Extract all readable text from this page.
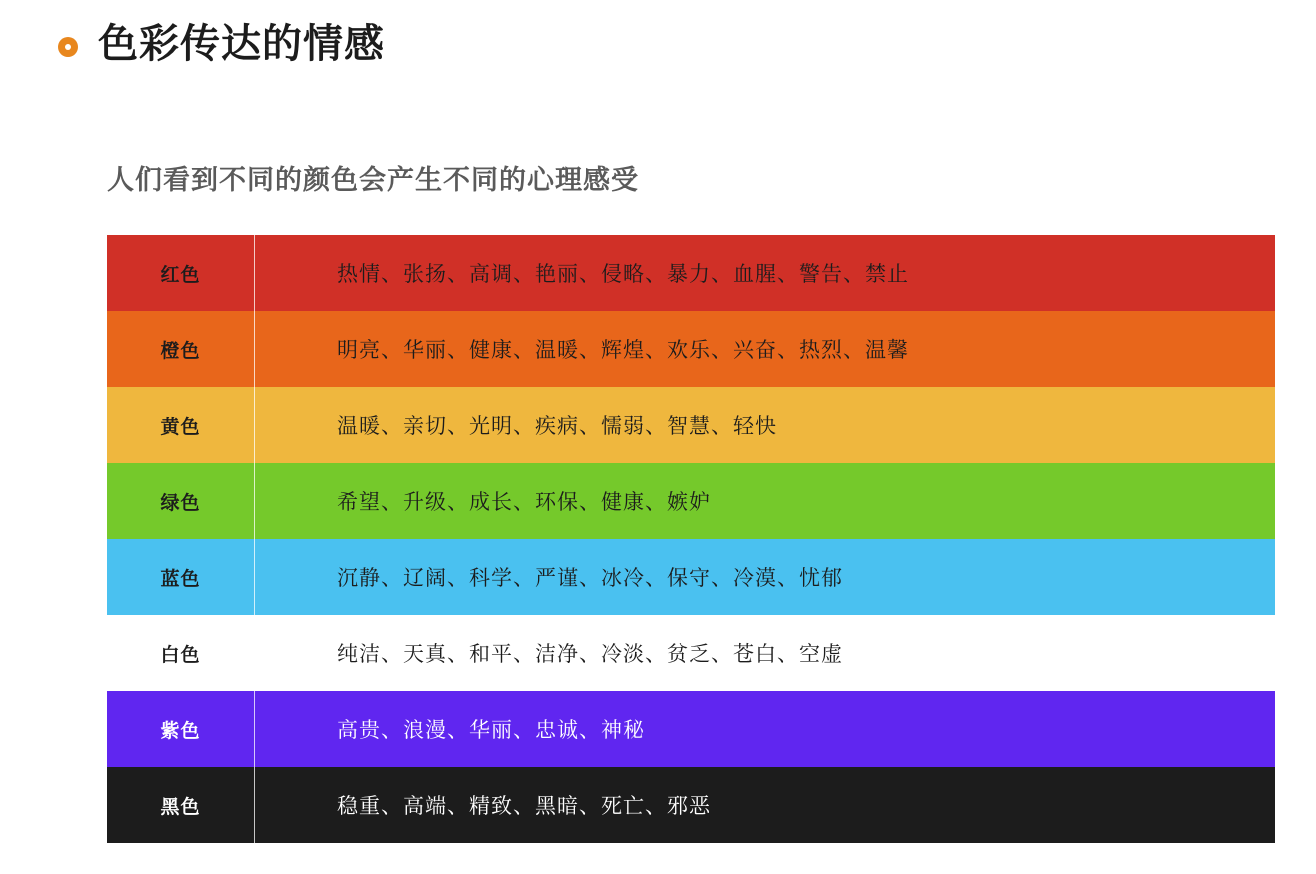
色彩传达的情感
人们看到不同的颜色会产生不同的心理感受
红色	热情、张扬、高调、艳丽、侵略、暴力、血腥、警告、禁止
橙色	明亮、华丽、健康、温暖、辉煌、欢乐、兴奋、热烈、温馨
黄色	温暖、亲切、光明、疾病、懦弱、智慧、轻快
绿色	希望、升级、成长、环保、健康、嫉妒
蓝色	沉静、辽阔、科学、严谨、冰冷、保守、冷漠、忧郁
白色	纯洁、天真、和平、洁净、冷淡、贫乏、苍白、空虚
紫色	高贵、浪漫、华丽、忠诚、神秘
黑色	稳重、高端、精致、黑暗、死亡、邪恶
